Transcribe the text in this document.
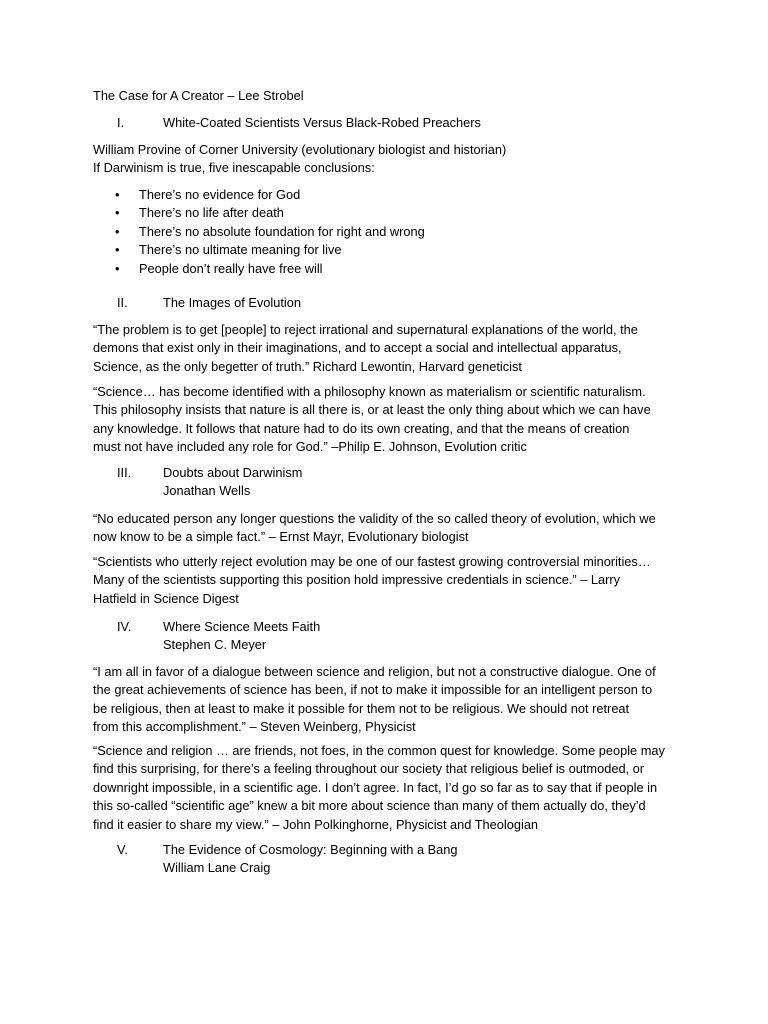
The Case for A Creator – Lee Strobel
I.	White-Coated Scientists Versus Black-Robed Preachers
William Provine of Corner University (evolutionary biologist and historian)
If Darwinism is true, five inescapable conclusions:
• There’s no evidence for God
• There’s no life after death
• There’s no absolute foundation for right and wrong
• There’s no ultimate meaning for live
• People don’t really have free will
II.	The Images of Evolution
“The problem is to get [people] to reject irrational and supernatural explanations of the world, the
demons that exist only in their imaginations, and to accept a social and intellectual apparatus,
Science, as the only begetter of truth.” Richard Lewontin, Harvard geneticist
“Science… has become identified with a philosophy known as materialism or scientific naturalism.
This philosophy insists that nature is all there is, or at least the only thing about which we can have
any knowledge. It follows that nature had to do its own creating, and that the means of creation
must not have included any role for God.” –Philip E. Johnson, Evolution critic
III. Doubts about Darwinism
Jonathan Wells
“No educated person any longer questions the validity of the so called theory of evolution, which we
now know to be a simple fact.” – Ernst Mayr, Evolutionary biologist
“Scientists who utterly reject evolution may be one of our fastest growing controversial minorities…
Many of the scientists supporting this position hold impressive credentials in science.” – Larry
Hatfield in Science Digest
IV. Where Science Meets Faith
Stephen C. Meyer
“I am all in favor of a dialogue between science and religion, but not a constructive dialogue. One of
the great achievements of science has been, if not to make it impossible for an intelligent person to
be religious, then at least to make it possible for them not to be religious. We should not retreat
from this accomplishment.” – Steven Weinberg, Physicist
“Science and religion … are friends, not foes, in the common quest for knowledge. Some people may
find this surprising, for there’s a feeling throughout our society that religious belief is outmoded, or
downright impossible, in a scientific age. I don’t agree. In fact, I’d go so far as to say that if people in
this so-called “scientific age” knew a bit more about science than many of them actually do, they’d
find it easier to share my view.” – John Polkinghorne, Physicist and Theologian
V.	The Evidence of Cosmology: Beginning with a Bang
William Lane Craig
